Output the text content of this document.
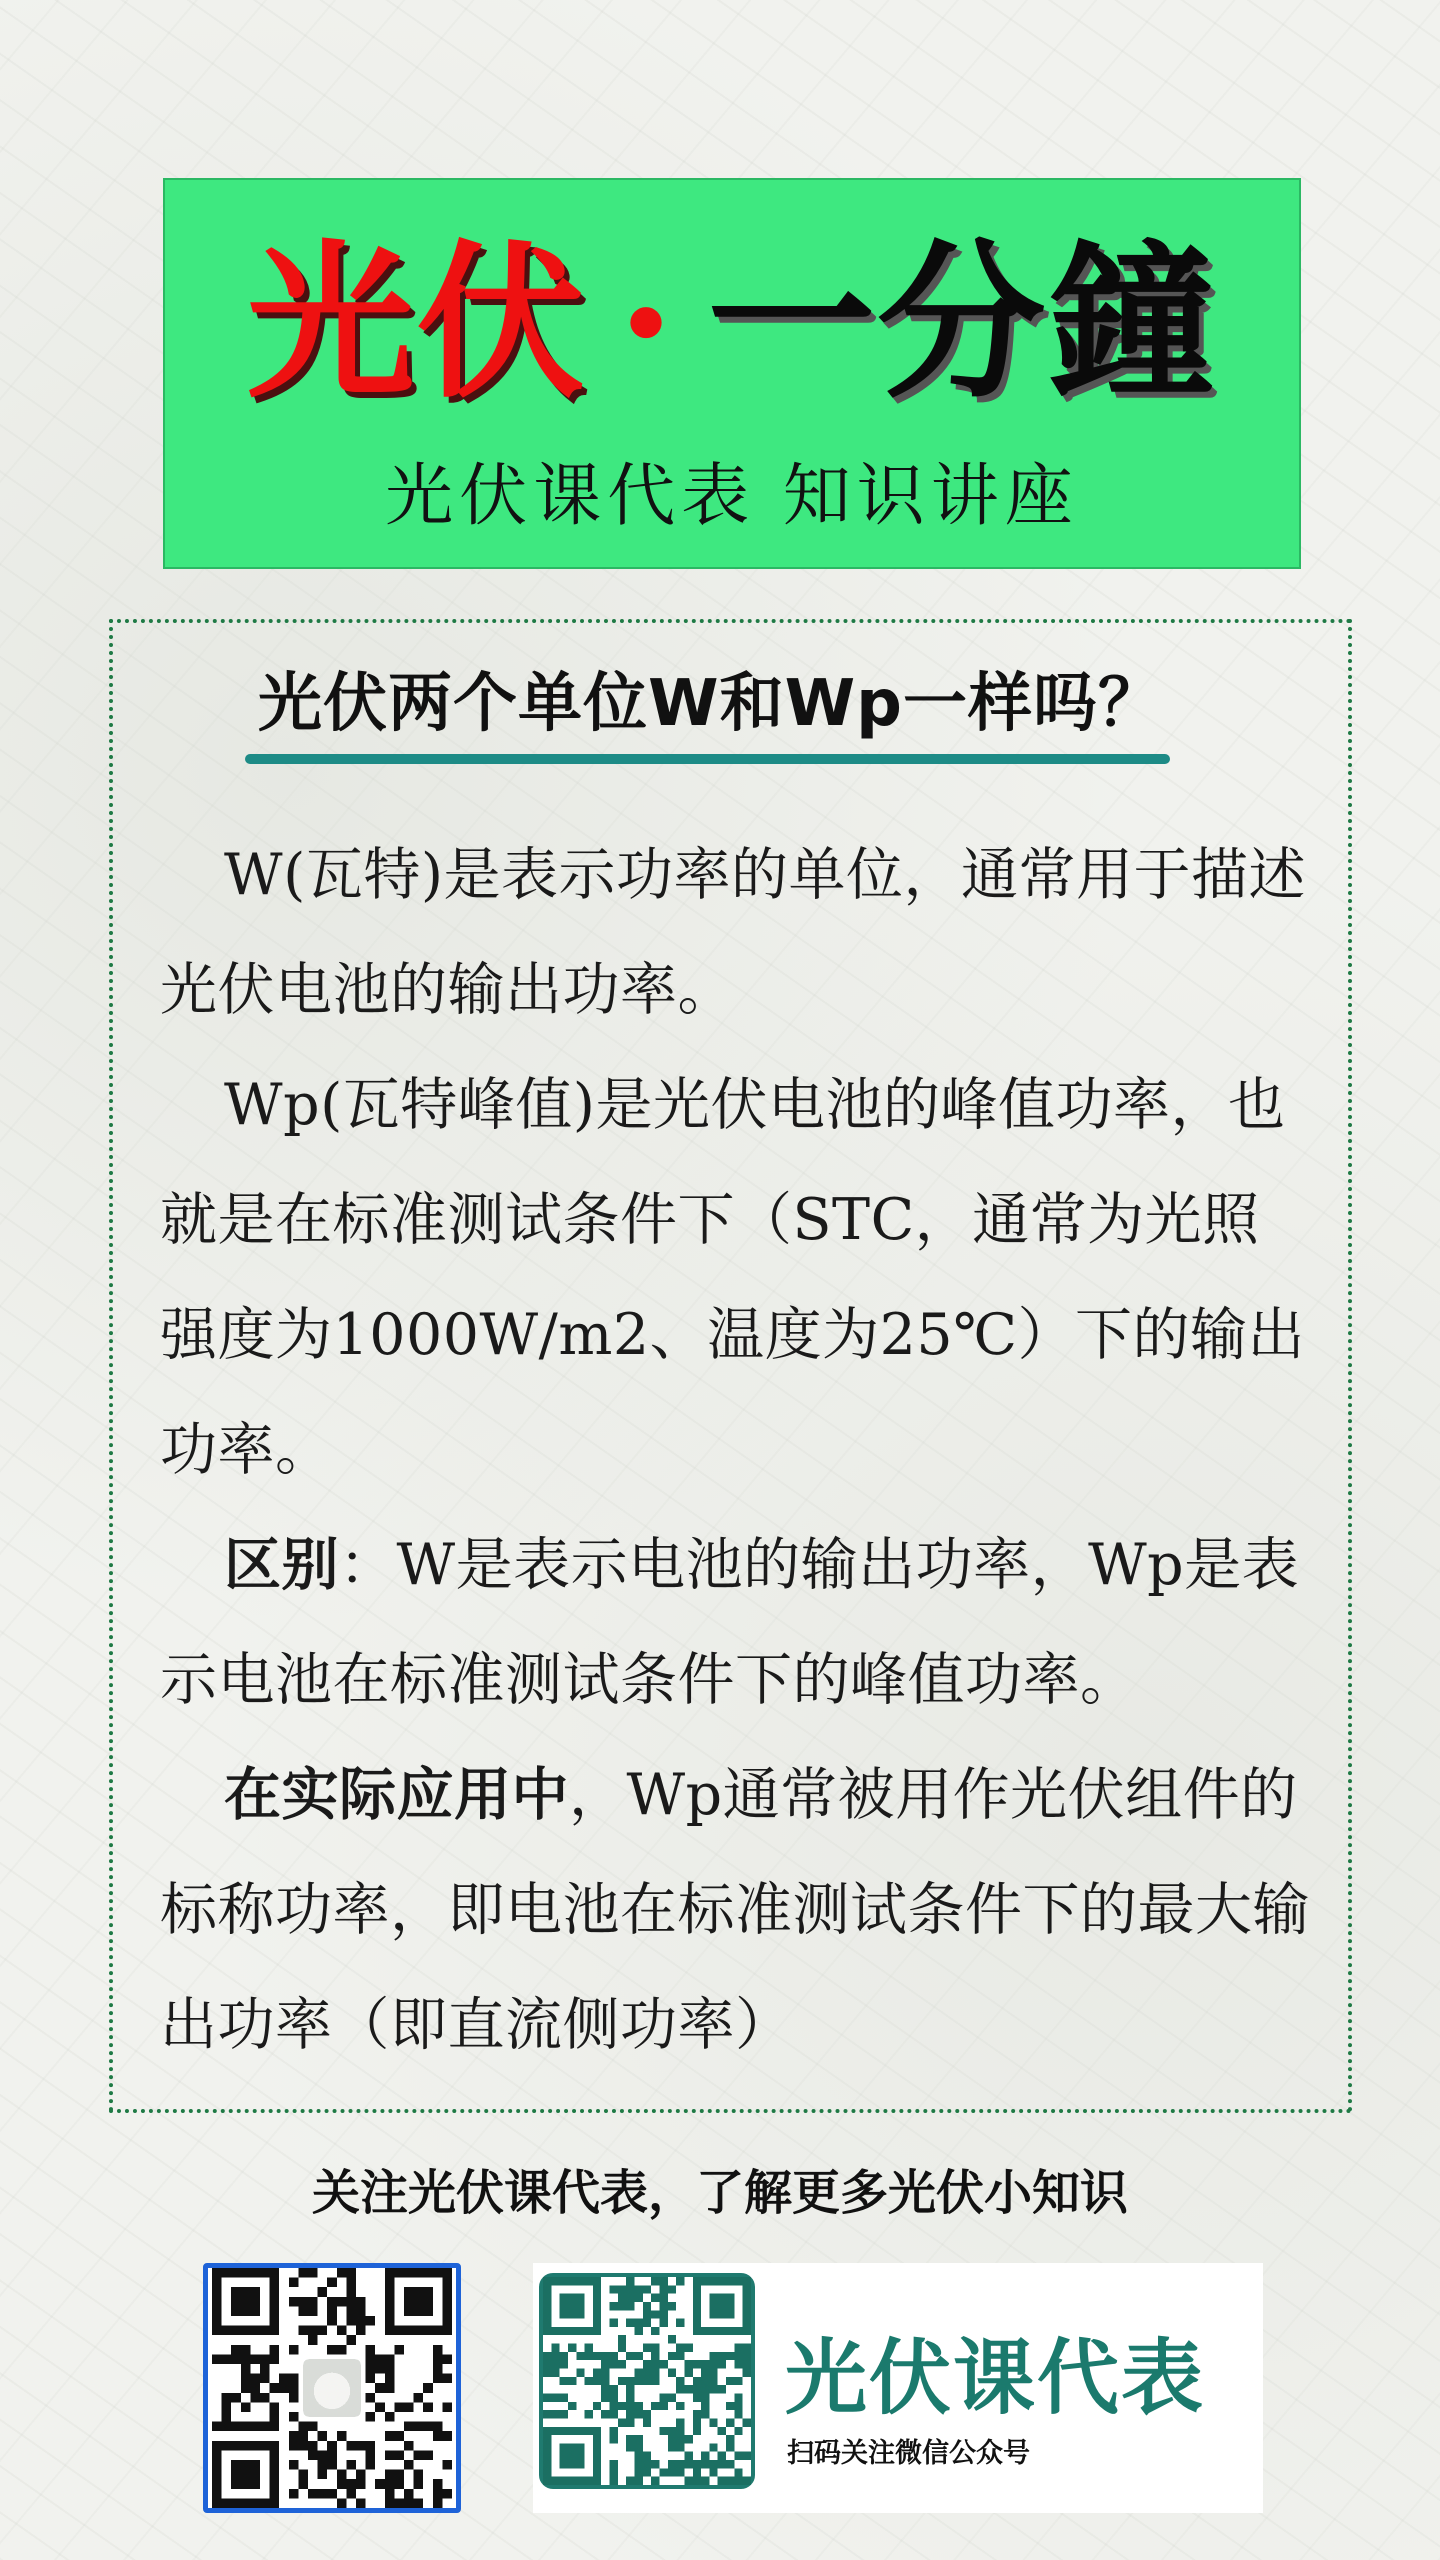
光伏 · 一分鐘
光伏课代表 知识讲座
光伏两个单位W和Wp一样吗？

W(瓦特)是表示功率的单位，通常用于描述光伏电池的输出功率。

Wp(瓦特峰值)是光伏电池的峰值功率，也就是在标准测试条件下（STC，通常为光照强度为1000W/m2、温度为25℃）下的输出功率。

区别：W是表示电池的输出功率，Wp是表示电池在标准测试条件下的峰值功率。

在实际应用中，Wp通常被用作光伏组件的标称功率，即电池在标准测试条件下的最大输出功率（即直流侧功率）

关注光伏课代表，了解更多光伏小知识
光伏课代表
扫码关注微信公众号
